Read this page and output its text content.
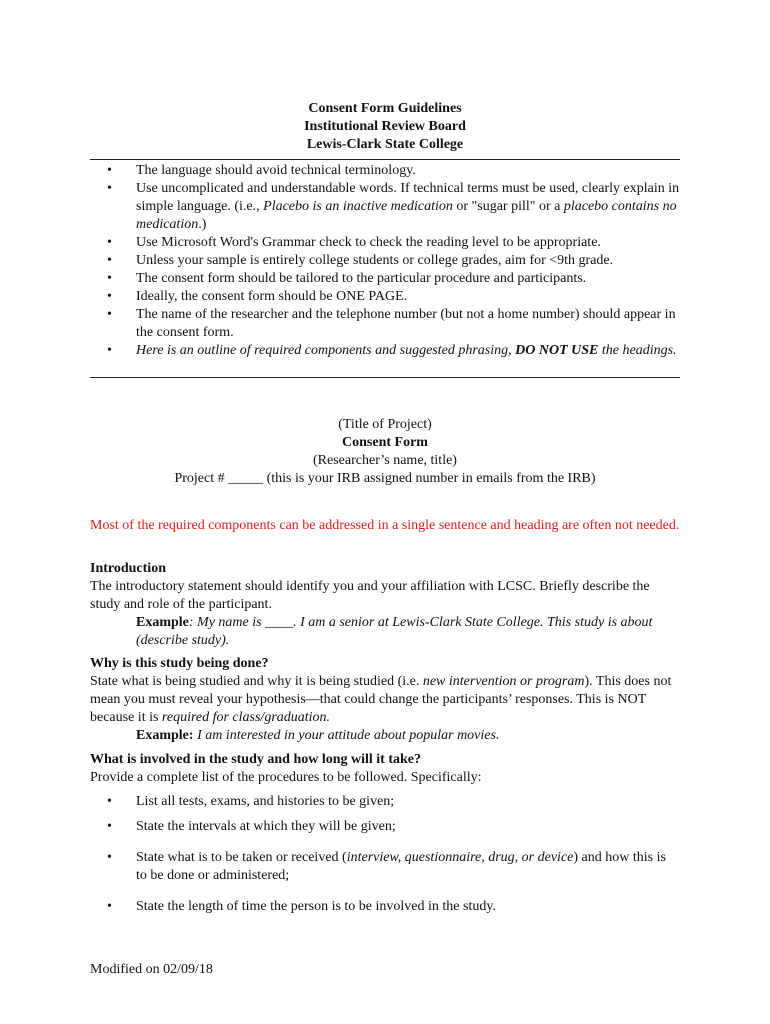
Consent Form Guidelines
Institutional Review Board
Lewis-Clark State College
• The language should avoid technical terminology.
• Use uncomplicated and understandable words. If technical terms must be used, clearly explain in simple language. (i.e., Placebo is an inactive medication or "sugar pill" or a placebo contains no medication.)
• Use Microsoft Word's Grammar check to check the reading level to be appropriate.
• Unless your sample is entirely college students or college grades, aim for <9th grade.
• The consent form should be tailored to the particular procedure and participants.
• Ideally, the consent form should be ONE PAGE.
• The name of the researcher and the telephone number (but not a home number) should appear in the consent form.
• Here is an outline of required components and suggested phrasing, DO NOT USE the headings.
(Title of Project)
Consent Form
(Researcher’s name, title)
Project # _____ (this is your IRB assigned number in emails from the IRB)

Most of the required components can be addressed in a single sentence and heading are often not needed.

Introduction

The introductory statement should identify you and your affiliation with LCSC. Briefly describe the study and role of the participant.

Example: My name is ____. I am a senior at Lewis-Clark State College. This study is about (describe study).

Why is this study being done?

State what is being studied and why it is being studied (i.e. new intervention or program). This does not mean you must reveal your hypothesis—that could change the participants’ responses. This is NOT because it is required for class/graduation.

Example: I am interested in your attitude about popular movies.

What is involved in the study and how long will it take?

Provide a complete list of the procedures to be followed. Specifically:

• List all tests, exams, and histories to be given;

• State the intervals at which they will be given;

• State what is to be taken or received (interview, questionnaire, drug, or device) and how this is to be done or administered;

• State the length of time the person is to be involved in the study.

Modified on 02/09/18
